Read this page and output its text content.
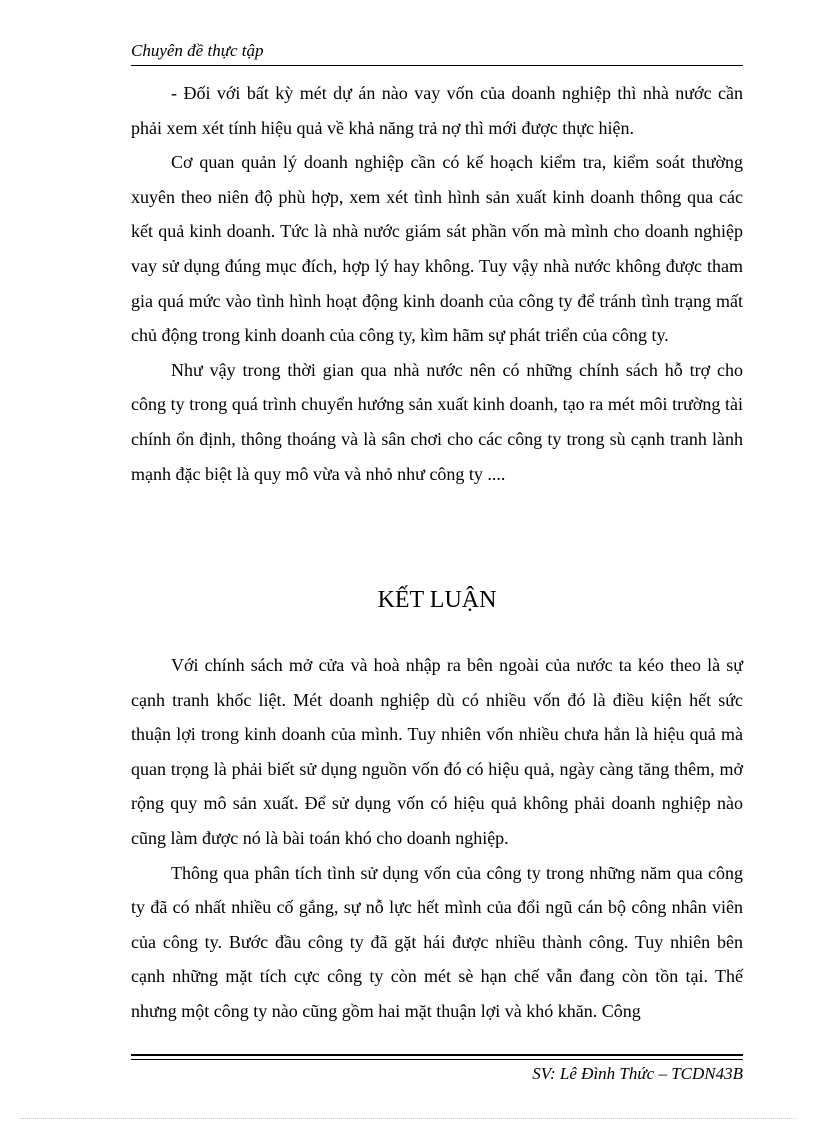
Chuyên đề thực tập

- Đối với bất kỳ mét dự án nào vay vốn của doanh nghiệp thì nhà nước cần phải xem xét tính hiệu quả về khả năng trả nợ thì mới được thực hiện.

Cơ quan quản lý doanh nghiệp cần có kế hoạch kiểm tra, kiểm soát thường xuyên theo niên độ phù hợp, xem xét tình hình sản xuất kinh doanh thông qua các kết quả kinh doanh. Tức là nhà nước giám sát phần vốn mà mình cho doanh nghiệp vay sử dụng đúng mục đích, hợp lý hay không. Tuy vậy nhà nước không được tham gia quá mức vào tình hình hoạt động kinh doanh của công ty để tránh tình trạng mất chủ động trong kinh doanh của công ty, kìm hãm sự phát triển của công ty.

Như vậy trong thời gian qua nhà nước nên có những chính sách hỗ trợ cho công ty trong quá trình chuyển hướng sản xuất kinh doanh, tạo ra mét môi trường tài chính ổn định, thông thoáng và là sân chơi cho các công ty trong sù cạnh tranh lành mạnh đặc biệt là quy mô vừa và nhỏ như công ty ....

KẾT LUẬN

Với chính sách mở cửa và hoà nhập ra bên ngoài của nước ta kéo theo là sự cạnh tranh khốc liệt. Mét doanh nghiệp dù có nhiều vốn đó là điều kiện hết sức thuận lợi trong kinh doanh của mình. Tuy nhiên vốn nhiều chưa hẳn là hiệu quả mà quan trọng là phải biết sử dụng nguồn vốn đó có hiệu quả, ngày càng tăng thêm, mở rộng quy mô sản xuất. Để sử dụng vốn có hiệu quả không phải doanh nghiệp nào cũng làm được nó là bài toán khó cho doanh nghiệp.

Thông qua phân tích tình sử dụng vốn của công ty trong những năm qua công ty đã có nhất nhiều cố gắng, sự nỗ lực hết mình của đổi ngũ cán bộ công nhân viên của công ty. Bước đầu công ty đã gặt hái được nhiều thành công. Tuy nhiên bên cạnh những mặt tích cực công ty còn mét sè hạn chế vẫn đang còn tồn tại. Thế nhưng một công ty nào cũng gồm hai mặt thuận lợi và khó khăn. Công

SV: Lê Đình Thức – TCDN43B
